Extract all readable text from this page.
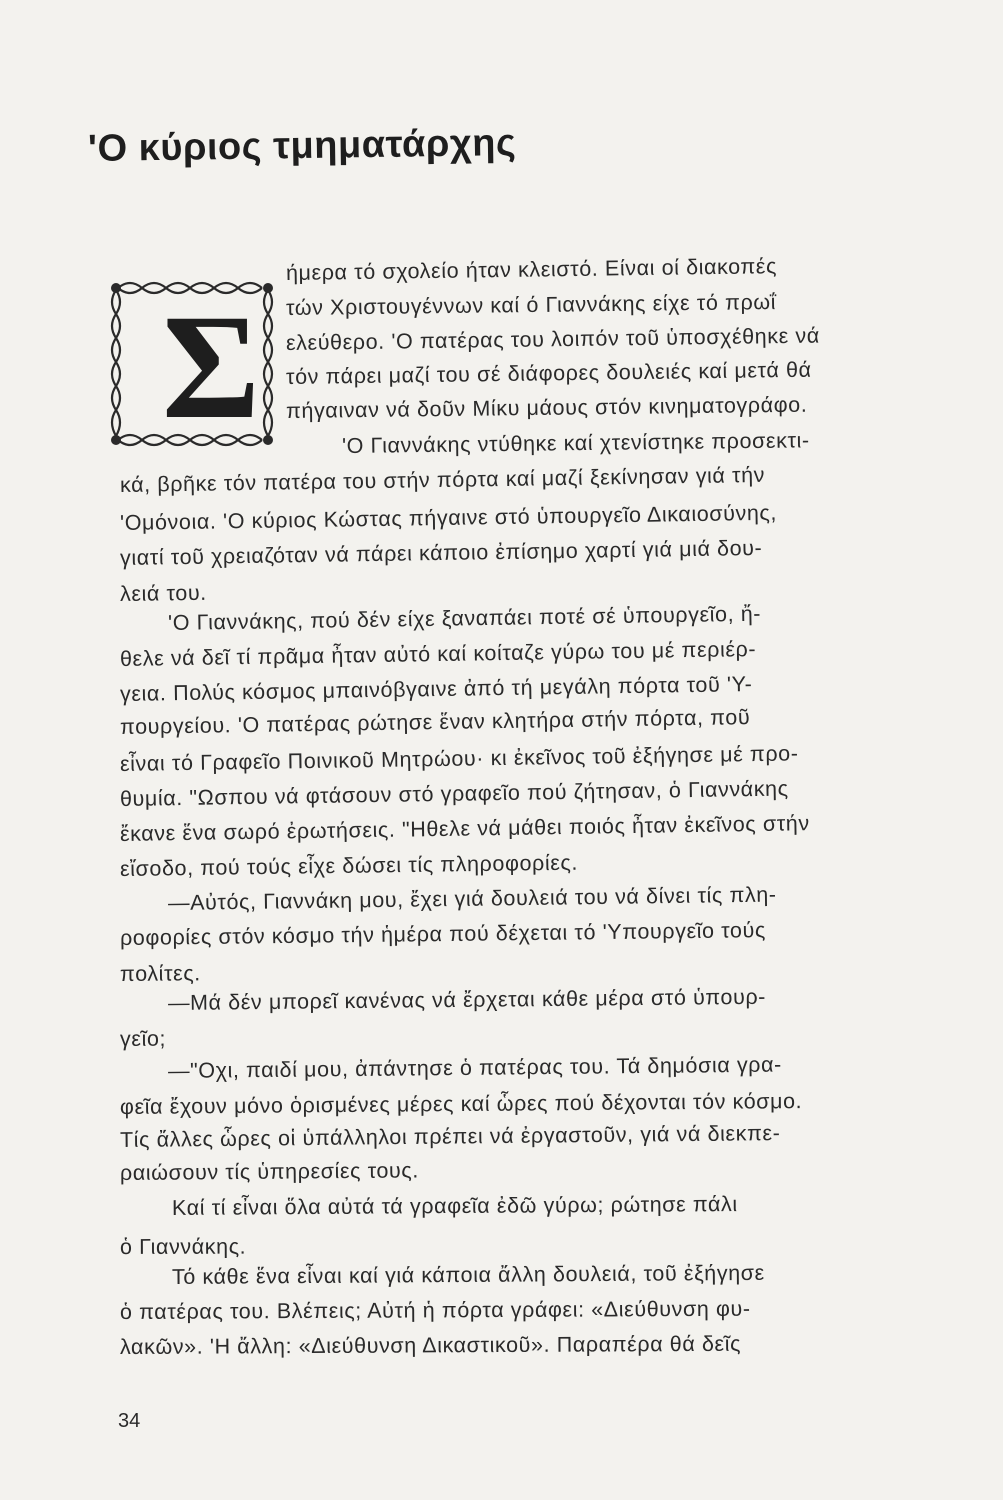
'Ο κύριος τμηματάρχης
Σ

ήμερα τό σχολείο ήταν κλειστό. Είναι οί διακοπές

τών Χριστουγέννων καί ό Γιαννάκης είχε τό πρωΐ

ελεύθερο. 'Ο πατέρας του λοιπόν τοῦ ὑποσχέθηκε νά

τόν πάρει μαζί του σέ διάφορες δουλειές καί μετά θά

πήγαιναν νά δοῦν Μίκυ μάους στόν κινηματογράφο.

'Ο Γιαννάκης ντύθηκε καί χτενίστηκε προσεκτι-

κά, βρῆκε τόν πατέρα του στήν πόρτα καί μαζί ξεκίνησαν γιά τήν

'Ομόνοια. 'Ο κύριος Κώστας πήγαινε στό ὑπουργεῖο Δικαιοσύνης,

γιατί τοῦ χρειαζόταν νά πάρει κάποιο ἐπίσημο χαρτί γιά μιά δου-

λειά του.

'Ο Γιαννάκης, πού δέν είχε ξαναπάει ποτέ σέ ὑπουργεῖο, ἤ-

θελε νά δεῖ τί πρᾶμα ἦταν αὐτό καί κοίταζε γύρω του μέ περιέρ-

γεια. Πολύς κόσμος μπαινόβγαινε ἀπό τή μεγάλη πόρτα τοῦ 'Υ-

πουργείου. 'Ο πατέρας ρώτησε ἕναν κλητήρα στήν πόρτα, ποῦ

εἶναι τό Γραφεῖο Ποινικοῦ Μητρώου· κι ἐκεῖνος τοῦ ἐξήγησε μέ προ-

θυμία. "Ωσπου νά φτάσουν στό γραφεῖο πού ζήτησαν, ὁ Γιαννάκης

ἔκανε ἕνα σωρό ἐρωτήσεις. "Ηθελε νά μάθει ποιός ἦταν ἐκεῖνος στήν

εἴσοδο, πού τούς εἶχε δώσει τίς πληροφορίες.

—Αὐτός, Γιαννάκη μου, ἔχει γιά δουλειά του νά δίνει τίς πλη-

ροφορίες στόν κόσμο τήν ἡμέρα πού δέχεται τό 'Υπουργεῖο τούς

πολίτες.

—Μά δέν μπορεῖ κανένας νά ἔρχεται κάθε μέρα στό ὑπουρ-

γεῖο;

—"Οχι, παιδί μου, ἀπάντησε ὁ πατέρας του. Τά δημόσια γρα-

φεῖα ἔχουν μόνο ὁρισμένες μέρες καί ὧρες πού δέχονται τόν κόσμο.

Τίς ἄλλες ὧρες οἱ ὑπάλληλοι πρέπει νά ἐργαστοῦν, γιά νά διεκπε-

ραιώσουν τίς ὑπηρεσίες τους.

Καί τί εἶναι ὅλα αὐτά τά γραφεῖα ἐδῶ γύρω; ρώτησε πάλι

ὁ Γιαννάκης.

Τό κάθε ἕνα εἶναι καί γιά κάποια ἄλλη δουλειά, τοῦ ἐξήγησε

ὁ πατέρας του. Βλέπεις; Αὐτή ἡ πόρτα γράφει: «Διεύθυνση φυ-

λακῶν». 'Η ἄλλη: «Διεύθυνση Δικαστικοῦ». Παραπέρα θά δεῖς

34
